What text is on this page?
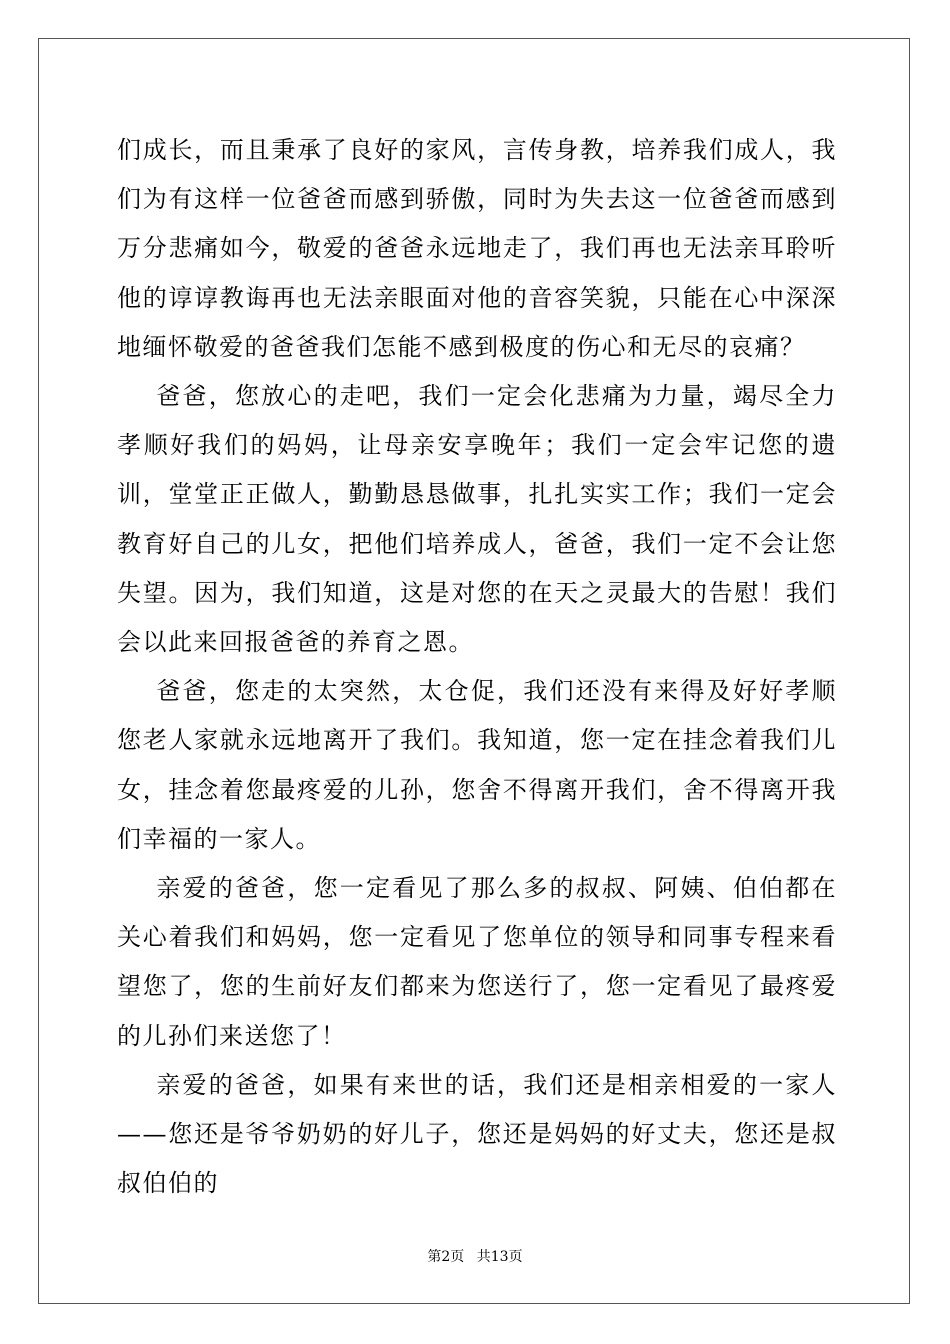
们成长，而且秉承了良好的家风，言传身教，培养我们成人，我们为有这样一位爸爸而感到骄傲，同时为失去这一位爸爸而感到万分悲痛如今，敬爱的爸爸永远地走了，我们再也无法亲耳聆听他的谆谆教诲再也无法亲眼面对他的音容笑貌，只能在心中深深地缅怀敬爱的爸爸我们怎能不感到极度的伤心和无尽的哀痛？

爸爸，您放心的走吧，我们一定会化悲痛为力量，竭尽全力孝顺好我们的妈妈，让母亲安享晚年；我们一定会牢记您的遗训，堂堂正正做人，勤勤恳恳做事，扎扎实实工作；我们一定会教育好自己的儿女，把他们培养成人，爸爸，我们一定不会让您失望。因为，我们知道，这是对您的在天之灵最大的告慰！我们会以此来回报爸爸的养育之恩。

爸爸，您走的太突然，太仓促，我们还没有来得及好好孝顺您老人家就永远地离开了我们。我知道，您一定在挂念着我们儿女，挂念着您最疼爱的儿孙，您舍不得离开我们，舍不得离开我们幸福的一家人。

亲爱的爸爸，您一定看见了那么多的叔叔、阿姨、伯伯都在关心着我们和妈妈，您一定看见了您单位的领导和同事专程来看望您了，您的生前好友们都来为您送行了，您一定看见了最疼爱的儿孙们来送您了！

亲爱的爸爸，如果有来世的话，我们还是相亲相爱的一家人——您还是爷爷奶奶的好儿子，您还是妈妈的好丈夫，您还是叔叔伯伯的

第2页 共13页
